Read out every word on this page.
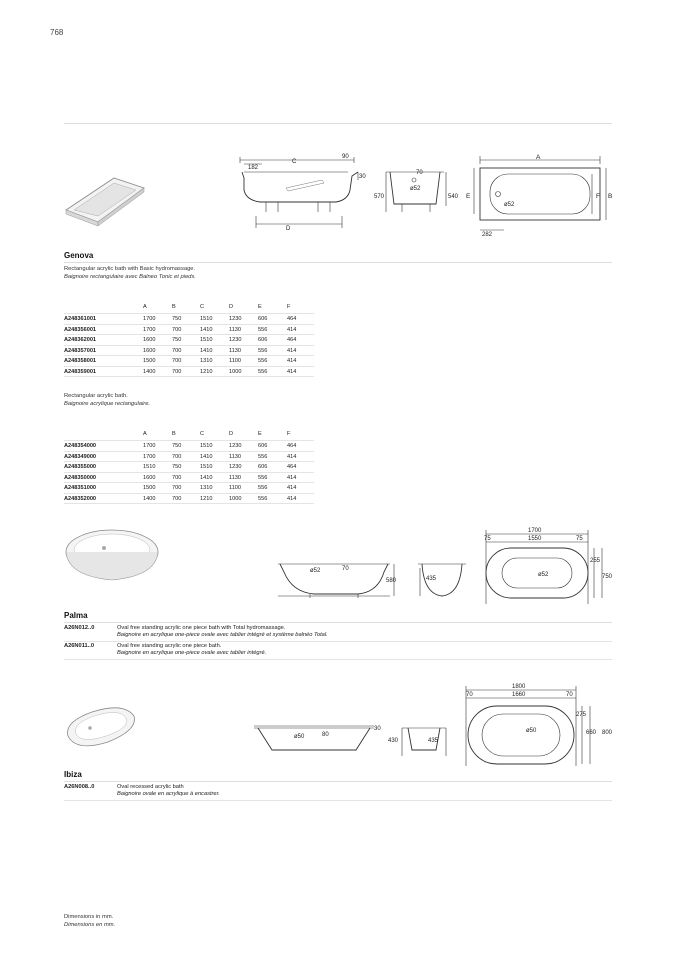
768
182
C
90
30
D
70
ø52
570	540
A
E	F B
ø52
282
Genova
Rectangular acrylic bath with Basic hydromassage.
Baignoire rectangulaire avec Balneo Tonic et pieds.
A	B	C	D	E	F
A248361001	1700	750	1510	1230	606	464
A248356001	1700	700	1410	1130	556	414
A248362001	1600	750	1510	1230	606	464
A248357001	1600	700	1410	1130	556	414
A248358001	1500	700	1310	1100	556	414
A248359001	1400	700	1210	1000	556	414
Rectangular acrylic bath.
Baignoire acrylique rectangulaire.
A	B	C	D	E	F
A248354000	1700	750	1510	1230	606	464
A248349000	1700	700	1410	1130	556	414
A248355000	1510	750	1510	1230	606	464
A248350000	1600	700	1410	1130	556	414
A248351000	1500	700	1310	1100	556	414
A248352000	1400	700	1210	1000	556	414
ø52	70
580	435
1700
75	1550	75
255
ø52	750
Palma
A26N012..0	Oval free standing acrylic one piece bath with Total hydromassage.
Baignoire en acrylique one-piece ovale avec tablier intégré et système balnéo Total.
A26N011..0	Oval free standing acrylic one piece bath.
Baignoire en acrylique one-piece ovale avec tablier intégré.
ø50	80
30
430	435
1800
70	1660	70
275
ø50	660 800
Ibiza
A26N008..0	Oval recessed acrylic bath
Baignoire ovale en acrylique à encastrer.
Dimensions in mm.
Dimensions en mm.
